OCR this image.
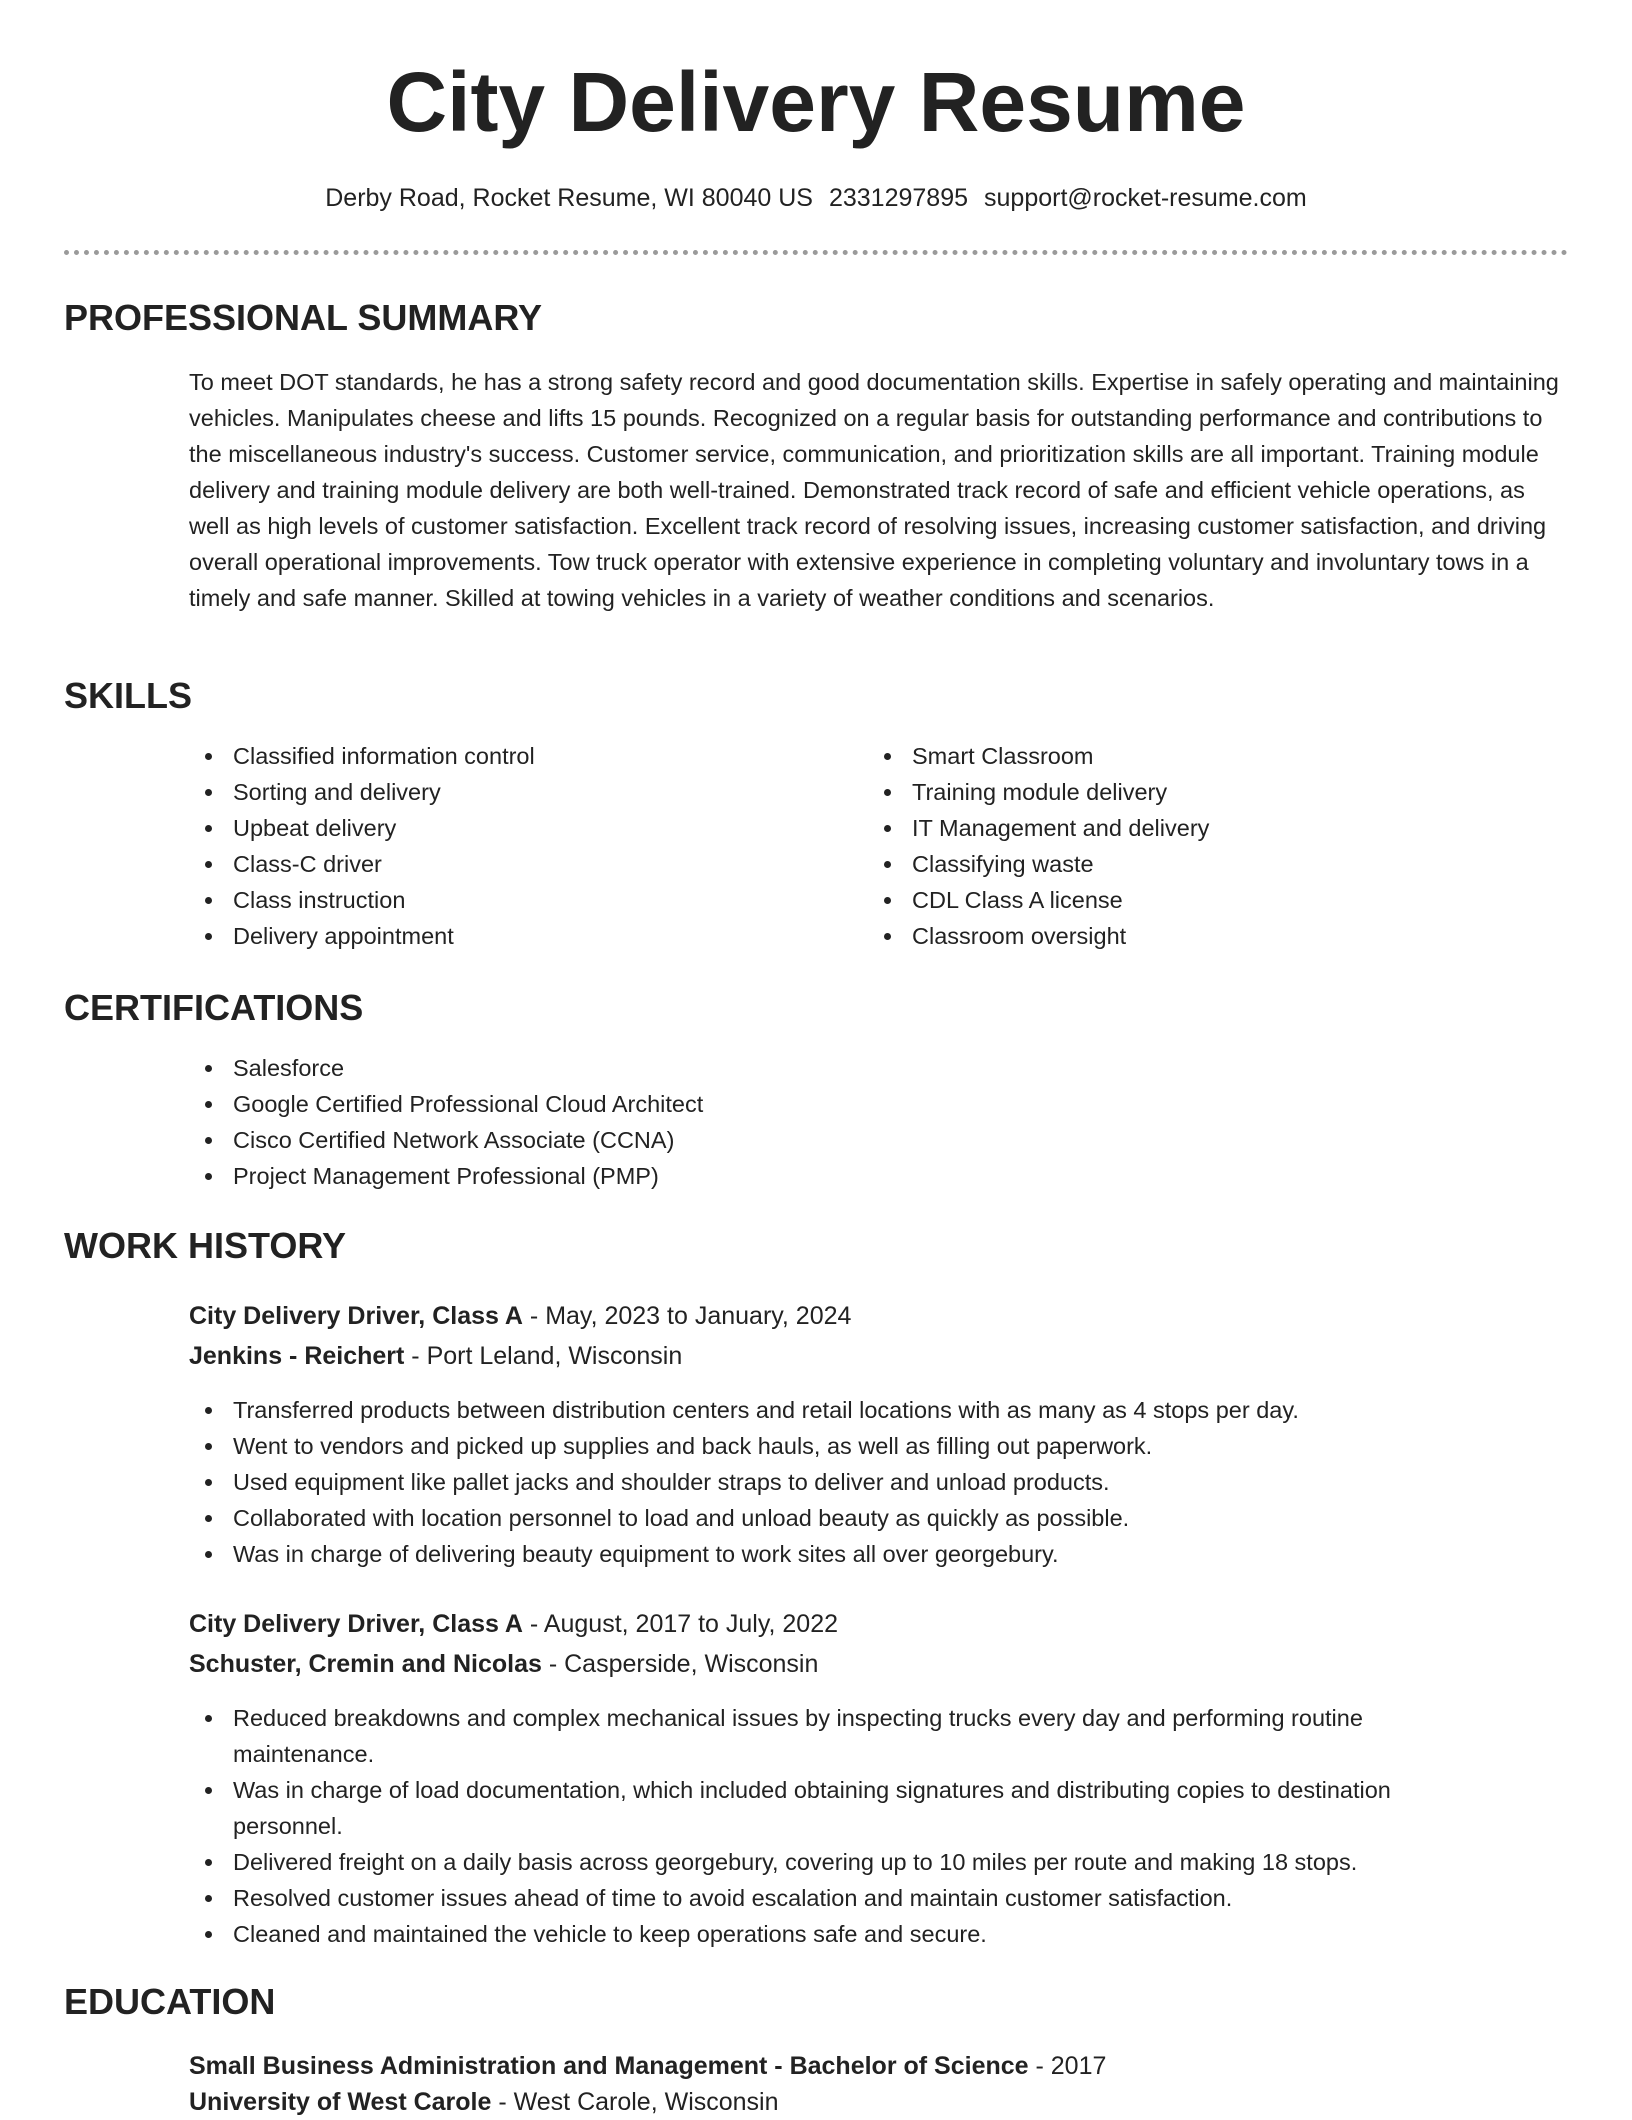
City Delivery Resume
Derby Road, Rocket Resume, WI 80040 US 2331297895 support@rocket-resume.com
PROFESSIONAL SUMMARY
To meet DOT standards, he has a strong safety record and good documentation skills. Expertise in safely operating and maintaining vehicles. Manipulates cheese and lifts 15 pounds. Recognized on a regular basis for outstanding performance and contributions to the miscellaneous industry's success. Customer service, communication, and prioritization skills are all important. Training module delivery and training module delivery are both well-trained. Demonstrated track record of safe and efficient vehicle operations, as well as high levels of customer satisfaction. Excellent track record of resolving issues, increasing customer satisfaction, and driving overall operational improvements. Tow truck operator with extensive experience in completing voluntary and involuntary tows in a timely and safe manner. Skilled at towing vehicles in a variety of weather conditions and scenarios.
SKILLS
Classified information control
Sorting and delivery
Upbeat delivery
Class-C driver
Class instruction
Delivery appointment
Smart Classroom
Training module delivery
IT Management and delivery
Classifying waste
CDL Class A license
Classroom oversight
CERTIFICATIONS
Salesforce
Google Certified Professional Cloud Architect
Cisco Certified Network Associate (CCNA)
Project Management Professional (PMP)
WORK HISTORY
City Delivery Driver, Class A - May, 2023 to January, 2024
Jenkins - Reichert - Port Leland, Wisconsin
Transferred products between distribution centers and retail locations with as many as 4 stops per day.
Went to vendors and picked up supplies and back hauls, as well as filling out paperwork.
Used equipment like pallet jacks and shoulder straps to deliver and unload products.
Collaborated with location personnel to load and unload beauty as quickly as possible.
Was in charge of delivering beauty equipment to work sites all over georgebury.
City Delivery Driver, Class A - August, 2017 to July, 2022
Schuster, Cremin and Nicolas - Casperside, Wisconsin
Reduced breakdowns and complex mechanical issues by inspecting trucks every day and performing routine maintenance.
Was in charge of load documentation, which included obtaining signatures and distributing copies to destination personnel.
Delivered freight on a daily basis across georgebury, covering up to 10 miles per route and making 18 stops.
Resolved customer issues ahead of time to avoid escalation and maintain customer satisfaction.
Cleaned and maintained the vehicle to keep operations safe and secure.
EDUCATION
Small Business Administration and Management - Bachelor of Science - 2017
University of West Carole - West Carole, Wisconsin
